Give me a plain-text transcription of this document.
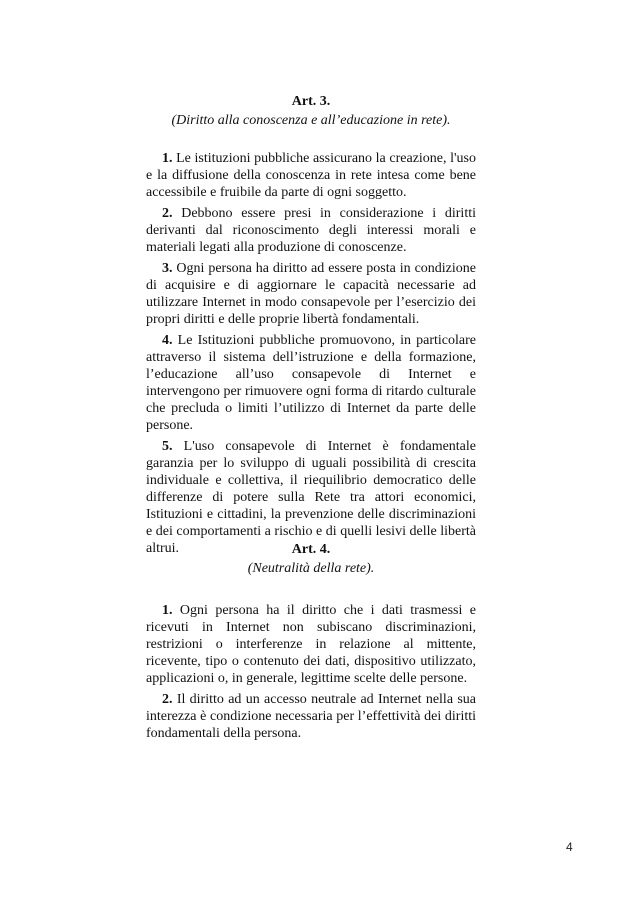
Art. 3.

(Diritto alla conoscenza e all’educazione in rete).

1. Le istituzioni pubbliche assicurano la creazione, l'uso e la diffusione della conoscenza in rete intesa come bene accessibile e fruibile da parte di ogni soggetto.

2. Debbono essere presi in considerazione i diritti derivanti dal riconoscimento degli interessi morali e materiali legati alla produzione di conoscenze.

3. Ogni persona ha diritto ad essere posta in condizione di acquisire e di aggiornare le capacità necessarie ad utilizzare Internet in modo consapevole per l’esercizio dei propri diritti e delle proprie libertà fondamentali.

4. Le Istituzioni pubbliche promuovono, in particolare attraverso il sistema dell’istruzione e della formazione, l’educazione all’uso consapevole di Internet e intervengono per rimuovere ogni forma di ritardo culturale che precluda o limiti l’utilizzo di Internet da parte delle persone.

5. L'uso consapevole di Internet è fondamentale garanzia per lo sviluppo di uguali possibilità di crescita individuale e collettiva, il riequilibrio democratico delle differenze di potere sulla Rete tra attori economici, Istituzioni e cittadini, la prevenzione delle discriminazioni e dei comportamenti a rischio e di quelli lesivi delle libertà altrui.	Art. 4.

(Neutralità della rete).

1. Ogni persona ha il diritto che i dati trasmessi e ricevuti in Internet non subiscano discriminazioni, restrizioni o interferenze in relazione al mittente, ricevente, tipo o contenuto dei dati, dispositivo utilizzato, applicazioni o, in generale, legittime scelte delle persone.

2. Il diritto ad un accesso neutrale ad Internet nella sua interezza è condizione necessaria per l’effettività dei diritti fondamentali della persona.

4
